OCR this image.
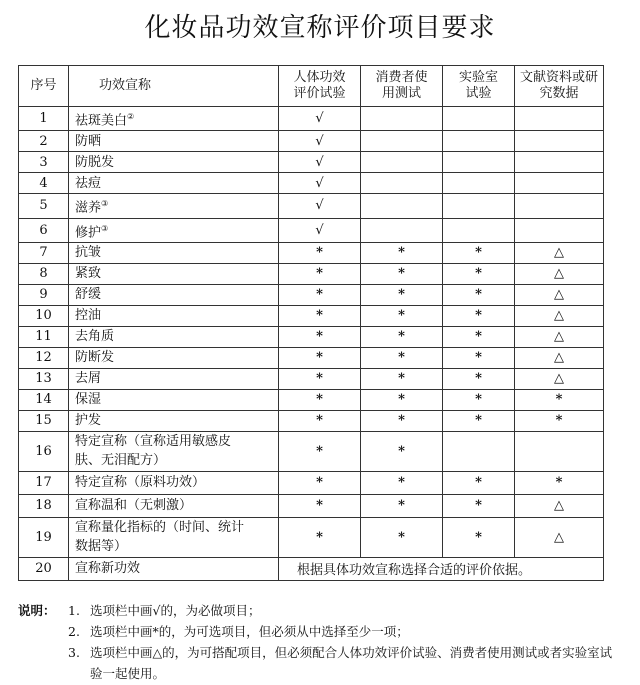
化妆品功效宣称评价项目要求
序号	功效宣称	人体功效评价试验	消费者使用测试	实验室试验	文献资料或研究数据
1	祛斑美白②	√			
2	防晒	√			
3	防脱发	√			
4	祛痘	√			
5	滋养③	√			
6	修护③	√			
7	抗皱	*	*	*	△
8	紧致	*	*	*	△
9	舒缓	*	*	*	△
10	控油	*	*	*	△
11	去角质	*	*	*	△
12	防断发	*	*	*	△
13	去屑	*	*	*	△
14	保湿	*	*	*	*
15	护发	*	*	*	*
16	特定宣称（宣称适用敏感皮肤、无泪配方）	*	*		
17	特定宣称（原料功效）	*	*	*	*
18	宣称温和（无刺激）	*	*	*	△
19	宣称量化指标的（时间、统计数据等）	*	*	*	△
20	宣称新功效	根据具体功效宣称选择合适的评价依据。			
说明： 1. 选项栏中画√的，为必做项目；
2. 选项栏中画*的，为可选项目，但必须从中选择至少一项；
3. 选项栏中画△的，为可搭配项目，但必须配合人体功效评价试验、消费者使用测试或者实验室试验一起使用。
